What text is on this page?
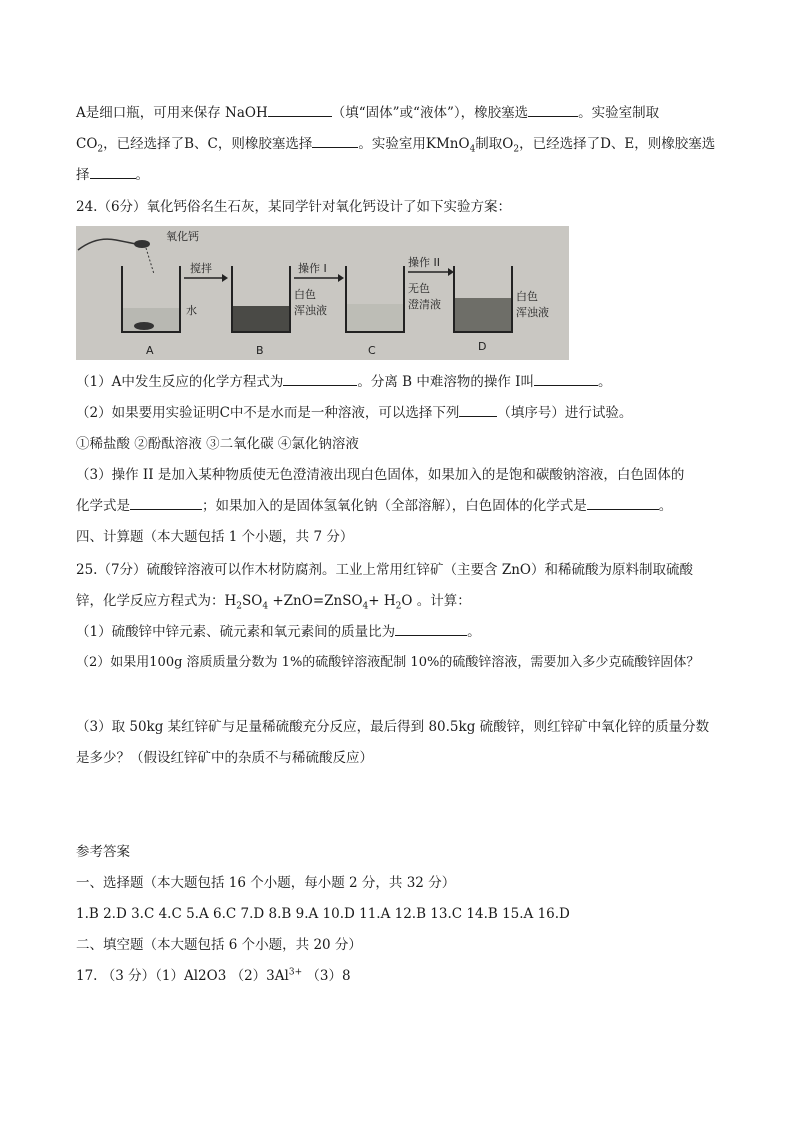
A是细口瓶，可用来保存 NaOH	（填“固体”或“液体”），橡胶塞选	。实验室制取
$CO_2$，已经选择了B、C，则橡胶塞选择	。实验室用KMnO$_4$制取$O_2$，已经选择了D、E，则橡胶塞选
择	。
24.（6分）氧化钙俗名生石灰，某同学针对氧化钙设计了如下实验方案：
氧化钙
水
A
搅拌
白色
浑浊液
B
操作 I
C
操作 II
无色
澄清液
白色
浑浊液
D
（1）A中发生反应的化学方程式为	。分离 B 中难溶物的操作 I叫	。
（2）如果要用实验证明C中不是水而是一种溶液，可以选择下列	（填序号）进行试验。
①稀盐酸 ②酚酞溶液 ③二氧化碳 ④氯化钠溶液
（3）操作 II 是加入某种物质使无色澄清液出现白色固体，如果加入的是饱和碳酸钠溶液，白色固体的
化学式是	；如果加入的是固体氢氧化钠（全部溶解），白色固体的化学式是	。
四、计算题（本大题包括 1 个小题，共 7 分）
25.（7分）硫酸锌溶液可以作木材防腐剂。工业上常用红锌矿（主要含 ZnO）和稀硫酸为原料制取硫酸
锌，化学反应方程式为：$H_2SO_4$ +ZnO=ZnSO$_4$+ $H_2O$ 。计算：
（1）硫酸锌中锌元素、硫元素和氧元素间的质量比为	。
（2）如果用100g 溶质质量分数为 1%的硫酸锌溶液配制 10%的硫酸锌溶液，需要加入多少克硫酸锌固体？
（3）取 50kg 某红锌矿与足量稀硫酸充分反应，最后得到 80.5kg 硫酸锌，则红锌矿中氧化锌的质量分数
是多少？（假设红锌矿中的杂质不与稀硫酸反应）
参考答案
一、选择题（本大题包括 16 个小题，每小题 2 分，共 32 分）
1.B 2.D 3.C 4.C 5.A 6.C 7.D 8.B 9.A 10.D 11.A 12.B 13.C 14.B 15.A 16.D
二、填空题（本大题包括 6 个小题，共 20 分）
17. （3 分）（1）Al2O3 $(2)3Al^{3+}$ （3）8
